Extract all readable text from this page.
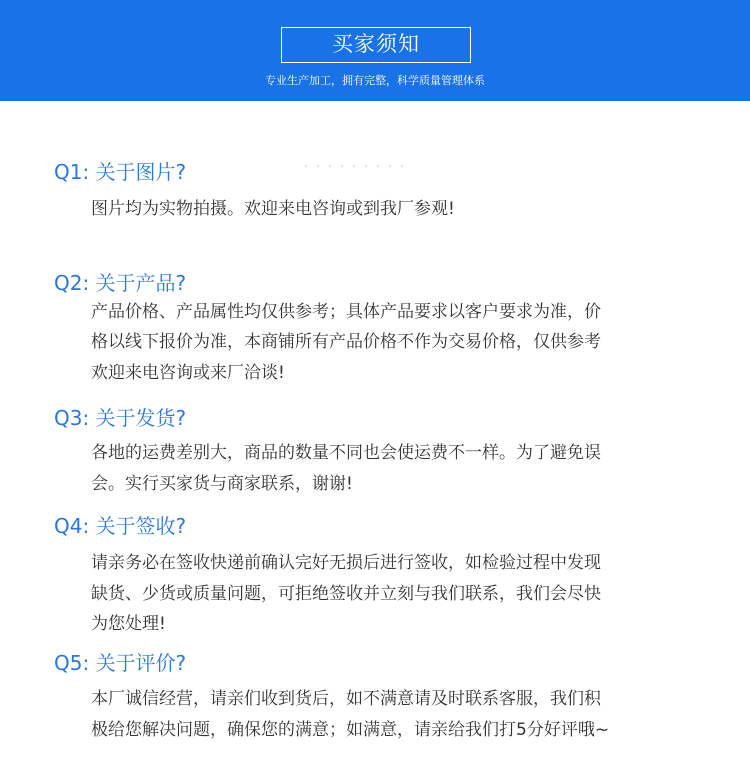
买家须知
专业生产加工，拥有完整，科学质量管理体系
Q1: 关于图片?
图片均为实物拍摄。欢迎来电咨询或到我厂参观!
Q2: 关于产品?
产品价格、产品属性均仅供参考；具体产品要求以客户要求为准，价
格以线下报价为准，本商铺所有产品价格不作为交易价格，仅供参考
欢迎来电咨询或来厂洽谈!
Q3: 关于发货?
各地的运费差别大，商品的数量不同也会使运费不一样。为了避免误
会。实行买家货与商家联系，谢谢!
Q4: 关于签收?
请亲务必在签收快递前确认完好无损后进行签收，如检验过程中发现
缺货、少货或质量问题，可拒绝签收并立刻与我们联系，我们会尽快
为您处理!
Q5: 关于评价?
本厂诚信经营，请亲们收到货后，如不满意请及时联系客服，我们积
极给您解决问题，确保您的满意；如满意，请亲给我们打5分好评哦~
